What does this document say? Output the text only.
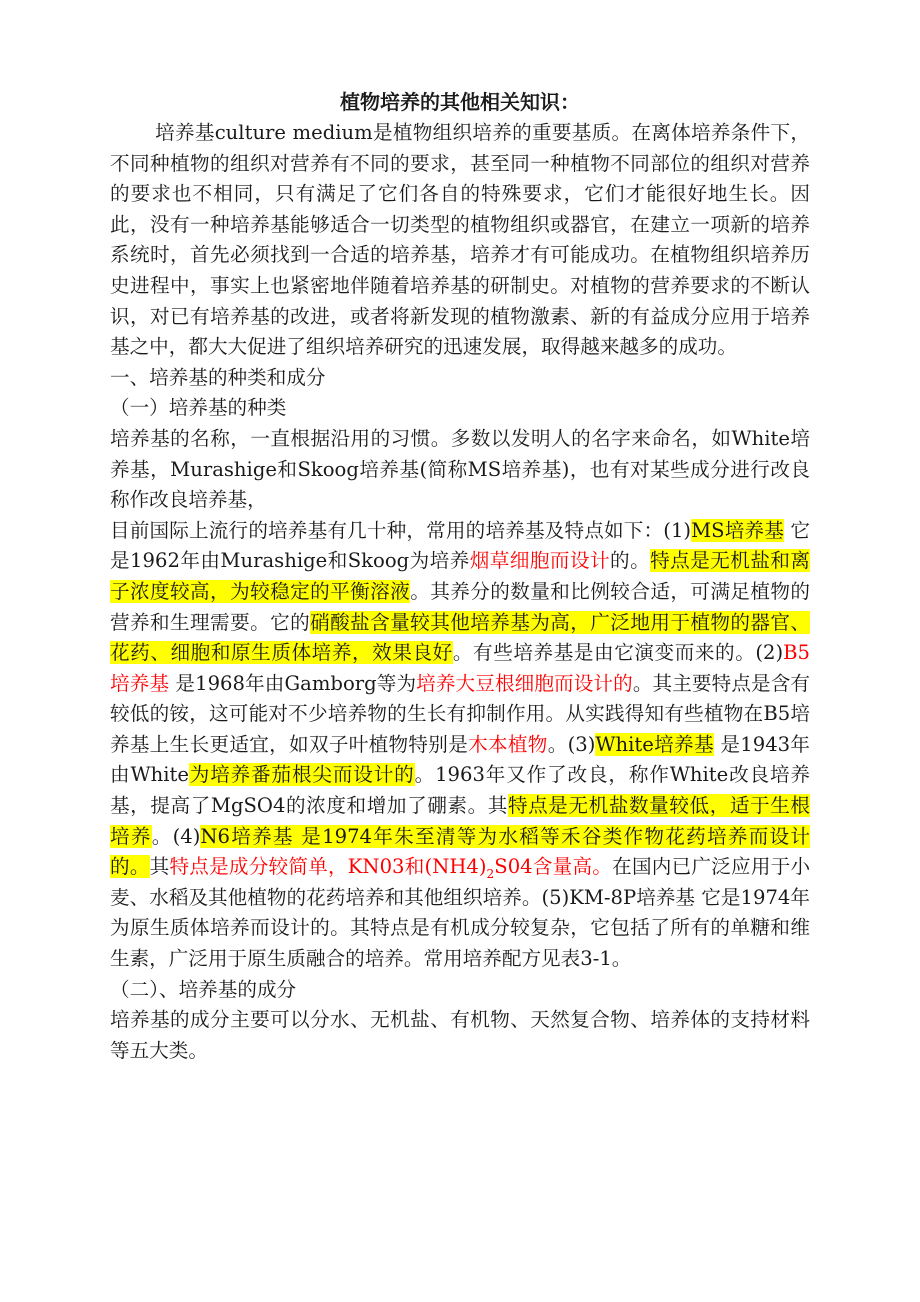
植物培养的其他相关知识：

培养基culture medium是植物组织培养的重要基质。在离体培养条件下，不同种植物的组织对营养有不同的要求，甚至同一种植物不同部位的组织对营养的要求也不相同，只有满足了它们各自的特殊要求，它们才能很好地生长。因此，没有一种培养基能够适合一切类型的植物组织或器官，在建立一项新的培养系统时，首先必须找到一合适的培养基，培养才有可能成功。在植物组织培养历史进程中，事实上也紧密地伴随着培养基的研制史。对植物的营养要求的不断认识，对已有培养基的改进，或者将新发现的植物激素、新的有益成分应用于培养基之中，都大大促进了组织培养研究的迅速发展，取得越来越多的成功。

一、培养基的种类和成分

（一）培养基的种类

培养基的名称，一直根据沿用的习惯。多数以发明人的名字来命名，如White培养基，Murashige和Skoog培养基(简称MS培养基)，也有对某些成分进行改良称作改良培养基，

目前国际上流行的培养基有几十种，常用的培养基及特点如下：(1)MS培养基 它是1962年由Murashige和Skoog为培养烟草细胞而设计的。特点是无机盐和离子浓度较高，为较稳定的平衡溶液。其养分的数量和比例较合适，可满足植物的营养和生理需要。它的硝酸盐含量较其他培养基为高，广泛地用于植物的器官、花药、细胞和原生质体培养，效果良好。有些培养基是由它演变而来的。(2)B5培养基 是1968年由Gamborg等为培养大豆根细胞而设计的。其主要特点是含有较低的铵，这可能对不少培养物的生长有抑制作用。从实践得知有些植物在B5培养基上生长更适宜，如双子叶植物特别是木本植物。(3)White培养基 是1943年由White为培养番茄根尖而设计的。1963年又作了改良，称作White改良培养基，提高了MgSO4的浓度和增加了硼素。其特点是无机盐数量较低，适于生根培养。(4)N6培养基 是1974年朱至清等为水稻等禾谷类作物花药培养而设计的。其特点是成分较简单，KN03和$(NH4)_2S04$含量高。在国内已广泛应用于小麦、水稻及其他植物的花药培养和其他组织培养。(5)KM-8P培养基 它是1974年为原生质体培养而设计的。其特点是有机成分较复杂，它包括了所有的单糖和维生素，广泛用于原生质融合的培养。常用培养配方见表3-1。

（二）、培养基的成分

培养基的成分主要可以分水、无机盐、有机物、天然复合物、培养体的支持材料等五大类。
